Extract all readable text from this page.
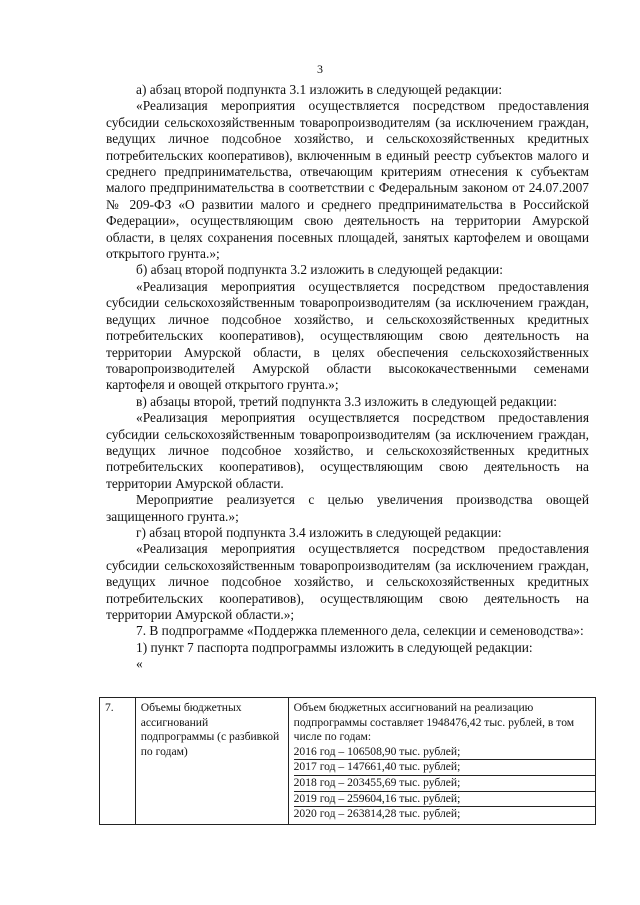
3

а) абзац второй подпункта 3.1 изложить в следующей редакции:

«Реализация мероприятия осуществляется посредством предоставления субсидии сельскохозяйственным товаропроизводителям (за исключением граждан, ведущих личное подсобное хозяйство, и сельскохозяйственных кредитных потребительских кооперативов), включенным в единый реестр субъектов малого и среднего предпринимательства, отвечающим критериям отнесения к субъектам малого предпринимательства в соответствии с Федеральным законом от 24.07.2007 № 209-ФЗ «О развитии малого и среднего предпринимательства в Российской Федерации», осуществляющим свою деятельность на территории Амурской области, в целях сохранения посевных площадей, занятых картофелем и овощами открытого грунта.»;

б) абзац второй подпункта 3.2 изложить в следующей редакции:

«Реализация мероприятия осуществляется посредством предоставления субсидии сельскохозяйственным товаропроизводителям (за исключением граждан, ведущих личное подсобное хозяйство, и сельскохозяйственных кредитных потребительских кооперативов), осуществляющим свою деятельность на территории Амурской области, в целях обеспечения сельскохозяйственных товаропроизводителей Амурской области высококачественными семенами картофеля и овощей открытого грунта.»;

в) абзацы второй, третий подпункта 3.3 изложить в следующей редакции:

«Реализация мероприятия осуществляется посредством предоставления субсидии сельскохозяйственным товаропроизводителям (за исключением граждан, ведущих личное подсобное хозяйство, и сельскохозяйственных кредитных потребительских кооперативов), осуществляющим свою деятельность на территории Амурской области.

Мероприятие реализуется с целью увеличения производства овощей защищенного грунта.»;

г) абзац второй подпункта 3.4 изложить в следующей редакции:

«Реализация мероприятия осуществляется посредством предоставления субсидии сельскохозяйственным товаропроизводителям (за исключением граждан, ведущих личное подсобное хозяйство, и сельскохозяйственных кредитных потребительских кооперативов), осуществляющим свою деятельность на территории Амурской области.»;

7. В подпрограмме «Поддержка племенного дела, селекции и семеноводства»:

1) пункт 7 паспорта подпрограммы изложить в следующей редакции:

«

7.	Объемы бюджетных ассигнований подпрограммы (с разбивкой по годам)	
Объем бюджетных ассигнований на реализацию подпрограммы составляет 1948476,42 тыс. рублей, в том числе по годам:
2016 год – 106508,90 тыс. рублей;
2017 год – 147661,40 тыс. рублей;
2018 год – 203455,69 тыс. рублей;
2019 год – 259604,16 тыс. рублей;
2020 год – 263814,28 тыс. рублей;
